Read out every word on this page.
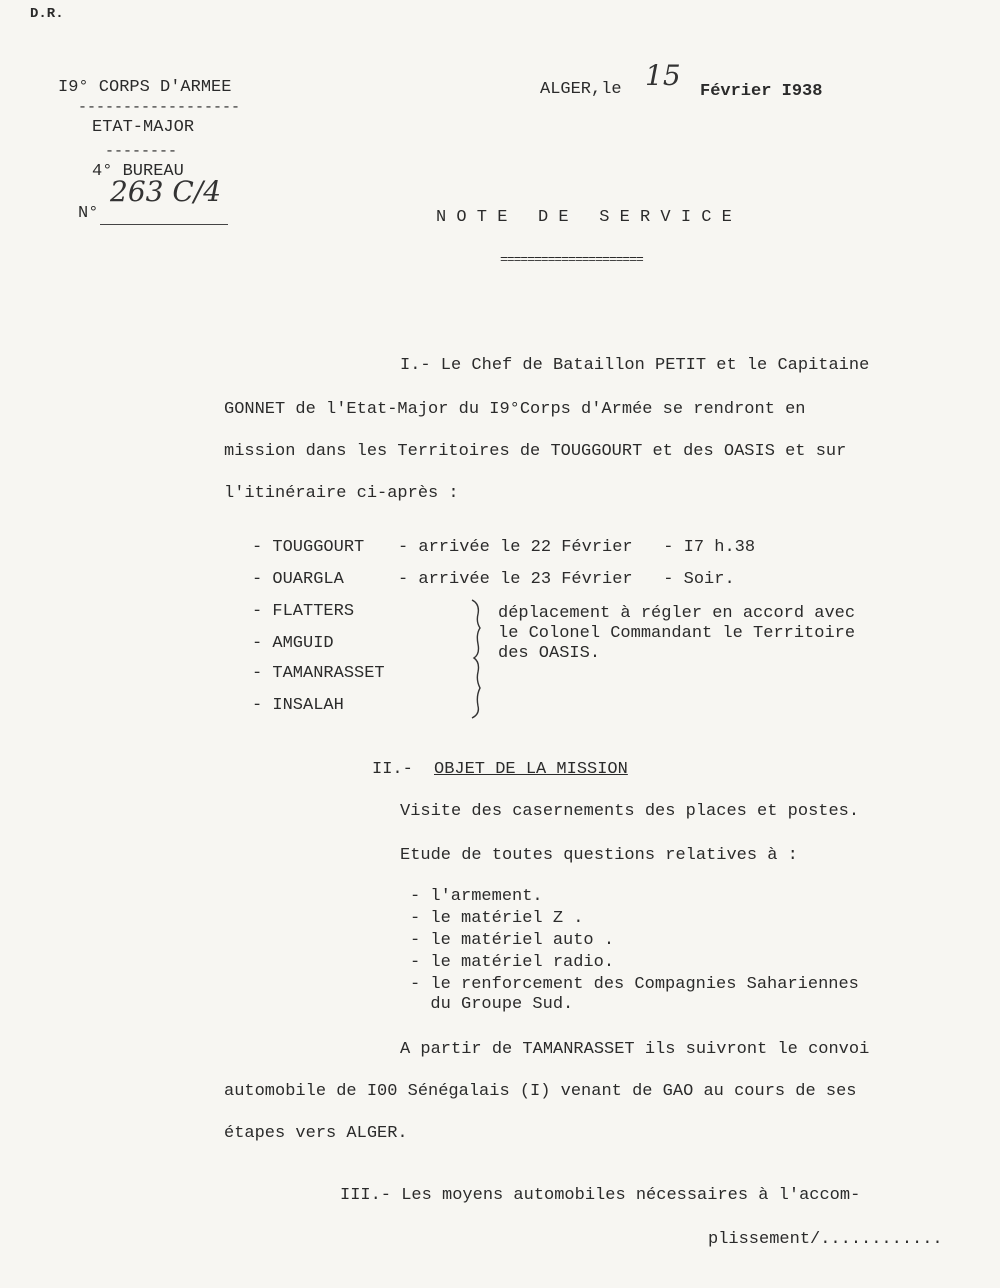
D.R.
I9° CORPS D'ARMEE
------------------
ETAT-MAJOR
--------
4° BUREAU
N°
263 C/4
ALGER,le 15 Février I938
N O T E   D E   S E R V I C E
=====================
I.- Le Chef de Bataillon PETIT et le Capitaine
GONNET de l'Etat-Major du I9°Corps d'Armée se rendront en
mission dans les Territoires de TOUGGOURT et des OASIS et sur
l'itinéraire ci-après :
- TOUGGOURT - arrivée le 22 Février   - I7 h.38
- OUARGLA	- arrivée le 23 Février   - Soir.
- FLATTERS
- AMGUID
- TAMANRASSET
- INSALAH
déplacement à régler en accord avec
le Colonel Commandant le Territoire
des OASIS.
II.- OBJET DE LA MISSION
Visite des casernements des places et postes.
Etude de toutes questions relatives à :
- l'armement.
- le matériel Z .
- le matériel auto .
- le matériel radio.
- le renforcement des Compagnies Sahariennes
du Groupe Sud.
A partir de TAMANRASSET ils suivront le convoi
automobile de I00 Sénégalais (I) venant de GAO au cours de ses
étapes vers ALGER.
III.- Les moyens automobiles nécessaires à l'accom-
plissement/............
